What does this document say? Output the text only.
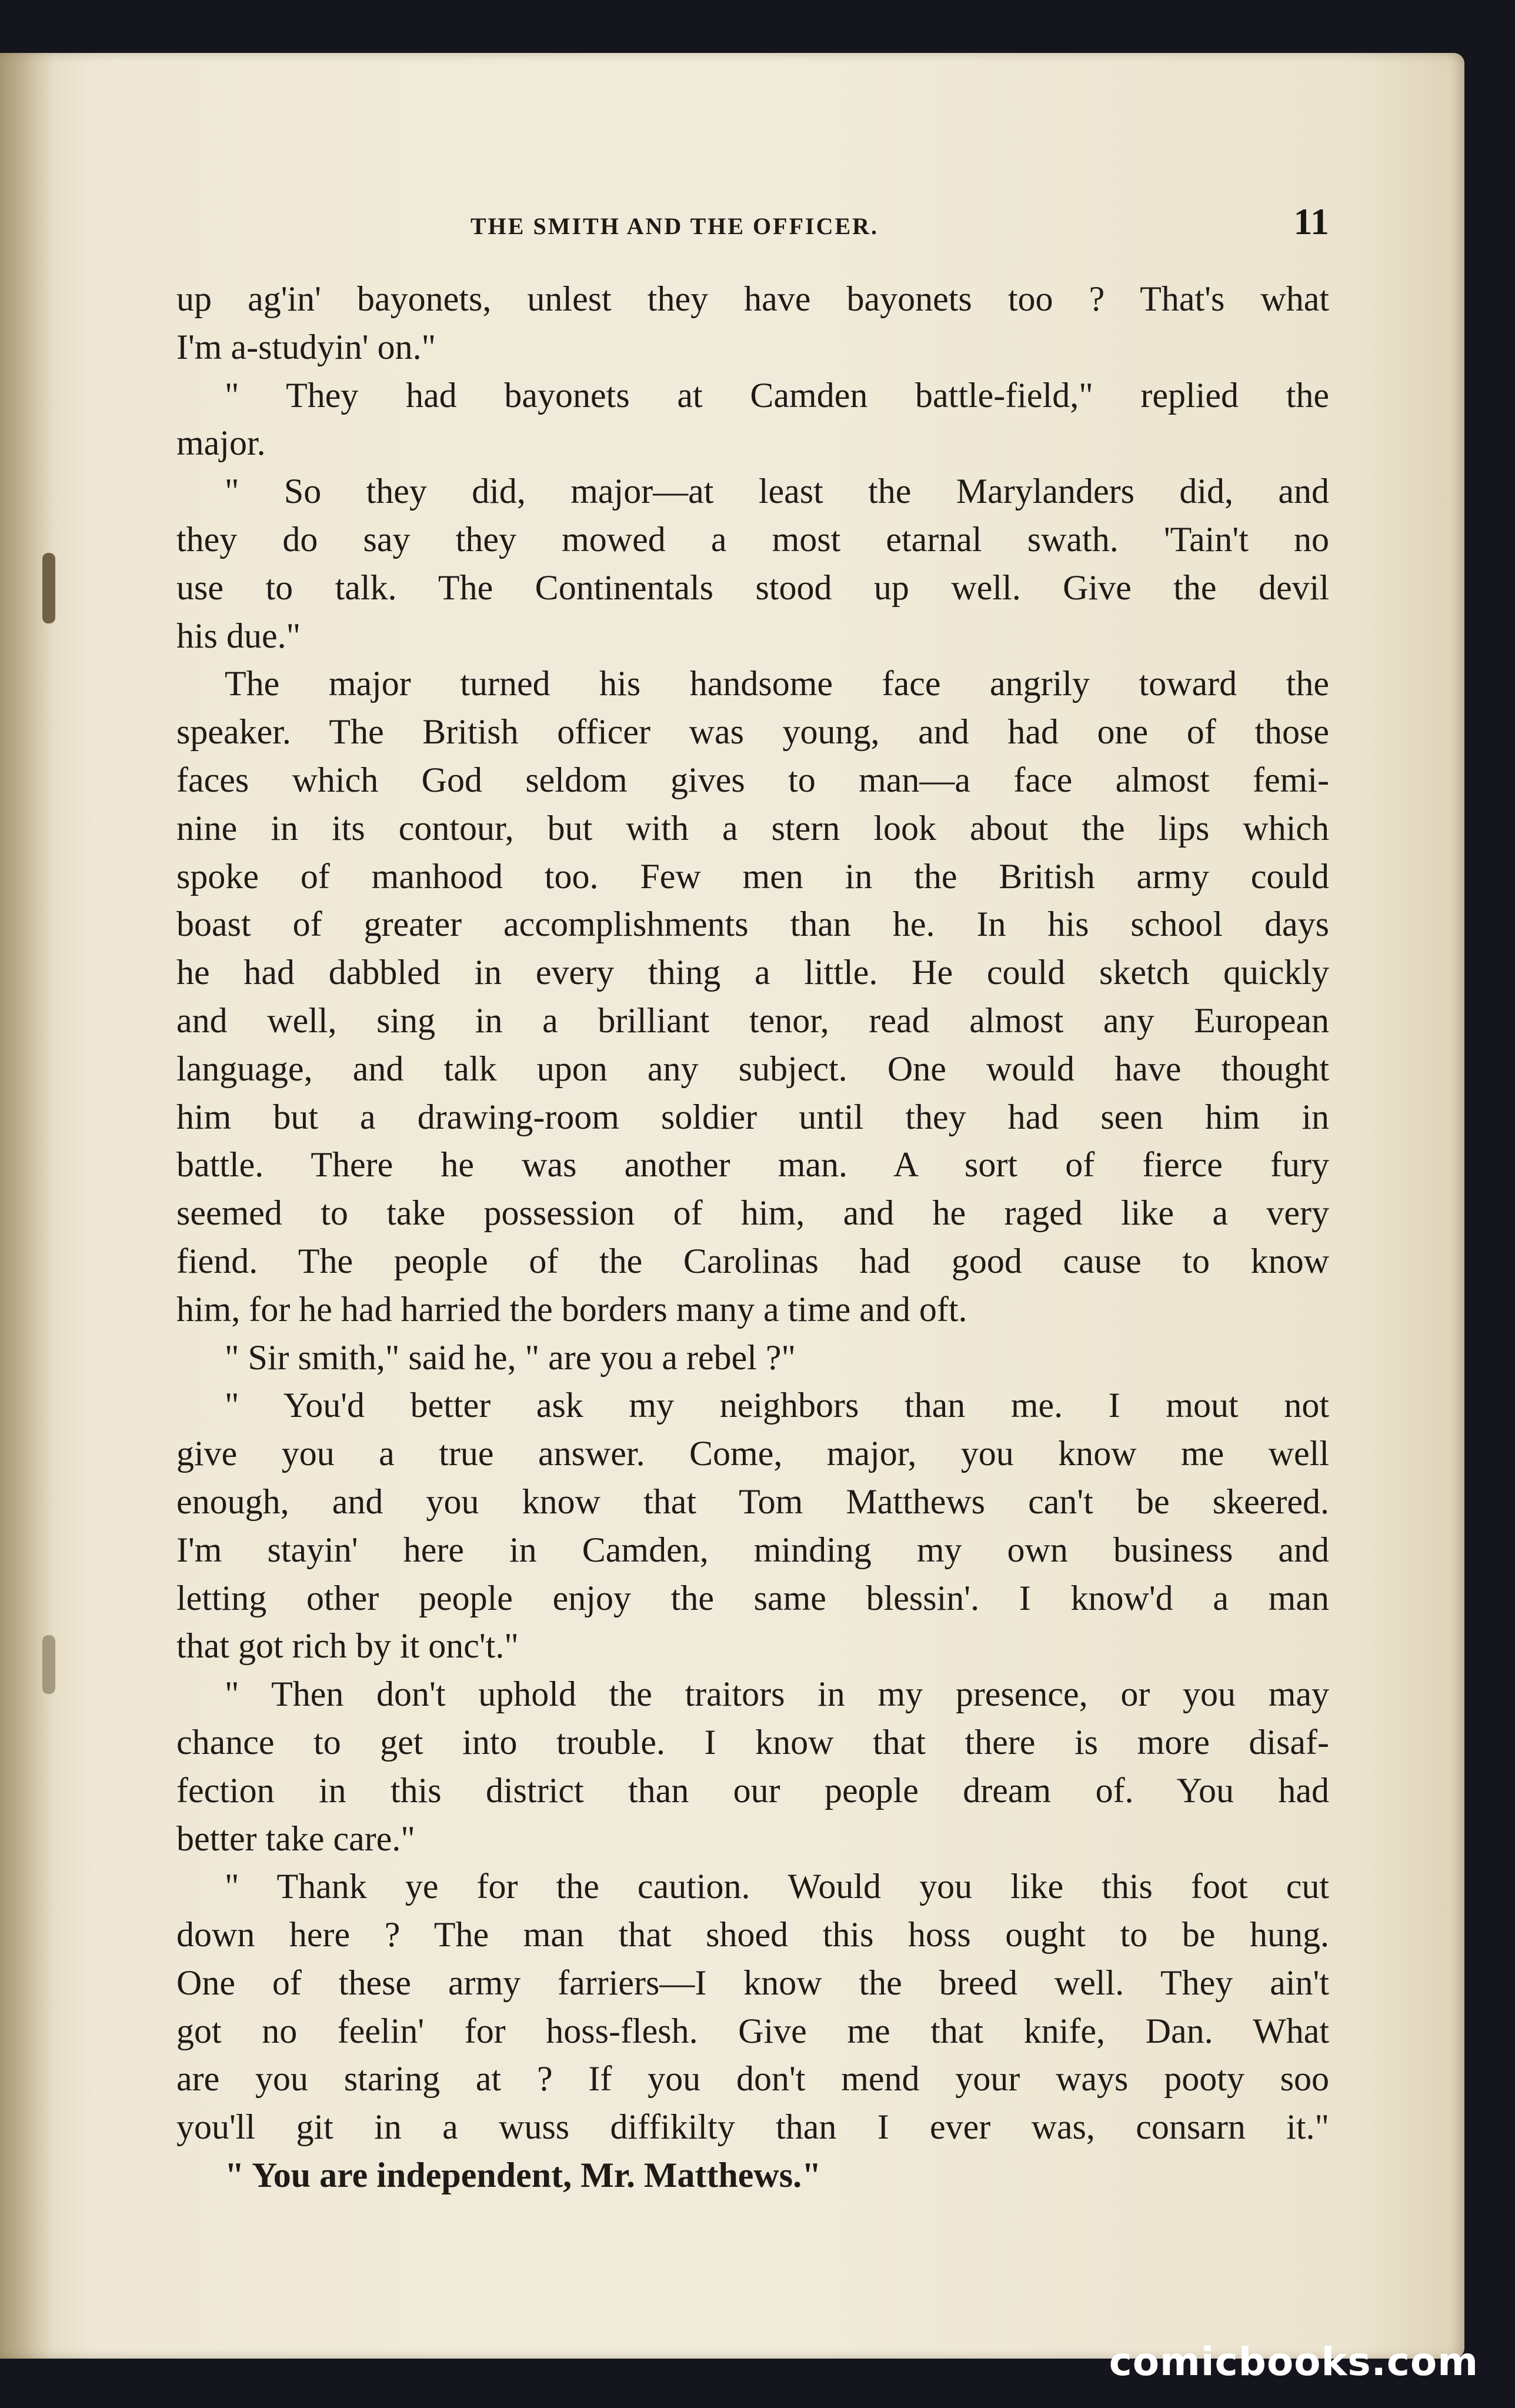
THE SMITH AND THE OFFICER.	11
up ag'in' bayonets, unlest they have bayonets too ? That's what
I'm a-studyin' on."
" They had bayonets at Camden battle-field," replied the
major.
" So they did, major—at least the Marylanders did, and
they do say they mowed a most etarnal swath. 'Tain't no
use to talk. The Continentals stood up well. Give the devil
his due."
The major turned his handsome face angrily toward the
speaker. The British officer was young, and had one of those
faces which God seldom gives to man—a face almost femi-
nine in its contour, but with a stern look about the lips which
spoke of manhood too. Few men in the British army could
boast of greater accomplishments than he. In his school days
he had dabbled in every thing a little. He could sketch quickly
and well, sing in a brilliant tenor, read almost any European
language, and talk upon any subject. One would have thought
him but a drawing-room soldier until they had seen him in
battle. There he was another man. A sort of fierce fury
seemed to take possession of him, and he raged like a very
fiend. The people of the Carolinas had good cause to know
him, for he had harried the borders many a time and oft.
" Sir smith," said he, " are you a rebel ?"
" You'd better ask my neighbors than me. I mout not
give you a true answer. Come, major, you know me well
enough, and you know that Tom Matthews can't be skeered.
I'm stayin' here in Camden, minding my own business and
letting other people enjoy the same blessin'. I know'd a man
that got rich by it onc't."
" Then don't uphold the traitors in my presence, or you may
chance to get into trouble. I know that there is more disaf-
fection in this district than our people dream of. You had
better take care."
" Thank ye for the caution. Would you like this foot cut
down here ? The man that shoed this hoss ought to be hung.
One of these army farriers—I know the breed well. They ain't
got no feelin' for hoss-flesh. Give me that knife, Dan. What
are you staring at ? If you don't mend your ways pooty soo
you'll git in a wuss diffikilty than I ever was, consarn it."
" You are independent, Mr. Matthews."
comicbooks.com
